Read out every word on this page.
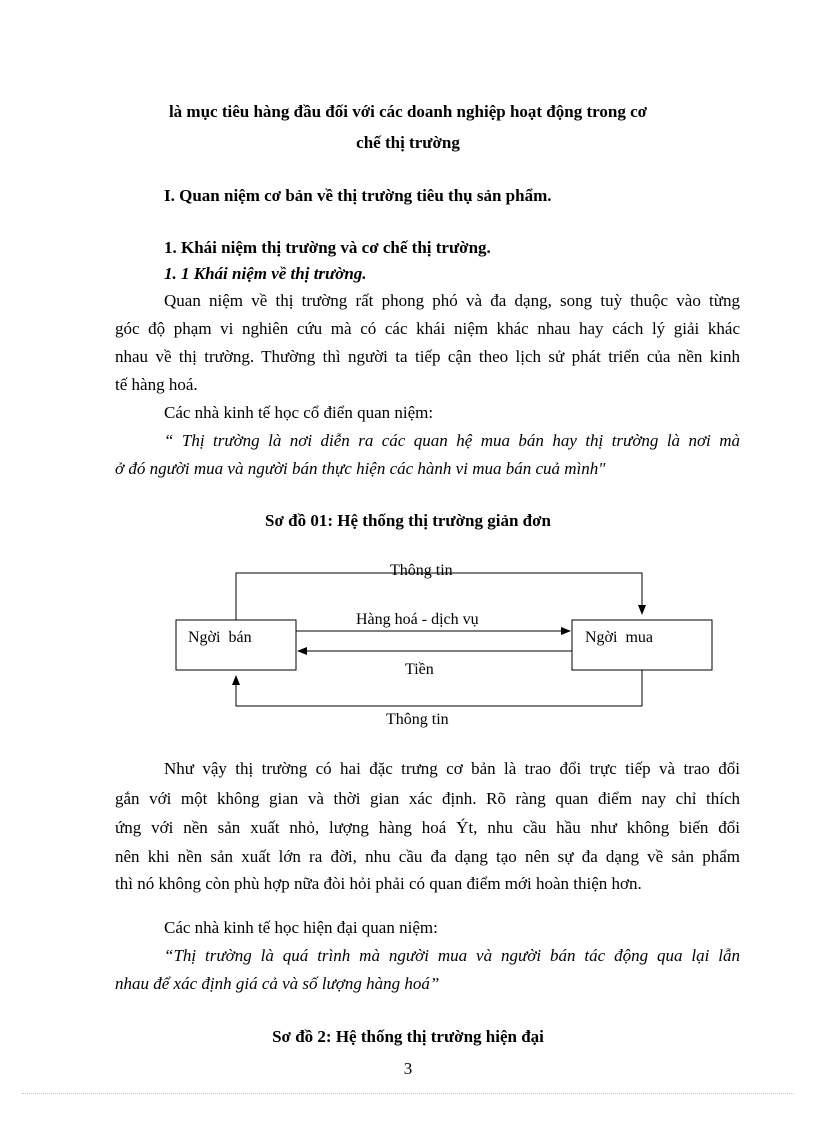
là mục tiêu hàng đầu đối với các doanh nghiệp hoạt động trong cơ
chế thị trường
I. Quan niệm cơ bản về thị trường tiêu thụ sản phẩm.
1. Khái niệm thị trường và cơ chế thị trường.
1. 1 Khái niệm về thị trường.
Quan niệm về thị trường rất phong phó và đa dạng, song tuỳ thuộc vào từng
góc độ phạm vi nghiên cứu mà có các khái niệm khác nhau hay cách lý giải khác
nhau về thị trường. Thường thì người ta tiếp cận theo lịch sử phát triển của nền kinh
tế hàng hoá.
Các nhà kinh tế học cổ điển quan niệm:
“ Thị trường là nơi diễn ra các quan hệ mua bán hay thị trường là nơi mà
ở đó người mua và người bán thực hiện các hành vi mua bán cuả mình"
Sơ đồ 01: Hệ thống thị trường giản đơn
Ngời  bán	Ngời  mua
Thông tin
Hàng hoá - dịch vụ
Tiền
Thông tin
Như vậy thị trường có hai đặc trưng cơ bản là trao đổi trực tiếp và trao đổi
gắn với một không gian và thời gian xác định. Rõ ràng quan điểm nay chỉ thích
ứng với nền sản xuất nhỏ, lượng hàng hoá Ýt, nhu cầu hầu như không biến đổi
nên khi nền sản xuất lớn ra đời, nhu cầu đa dạng tạo nên sự đa dạng về sản phẩm
thì nó không còn phù hợp nữa đòi hỏi phải có quan điểm mới hoàn thiện hơn.
Các nhà kinh tế học hiện đại quan niệm:
“Thị trường là quá trình mà người mua và người bán tác động qua lại lẫn
nhau để xác định giá cả và số lượng hàng hoá”
Sơ đồ 2: Hệ thống thị trường hiện đại
3
